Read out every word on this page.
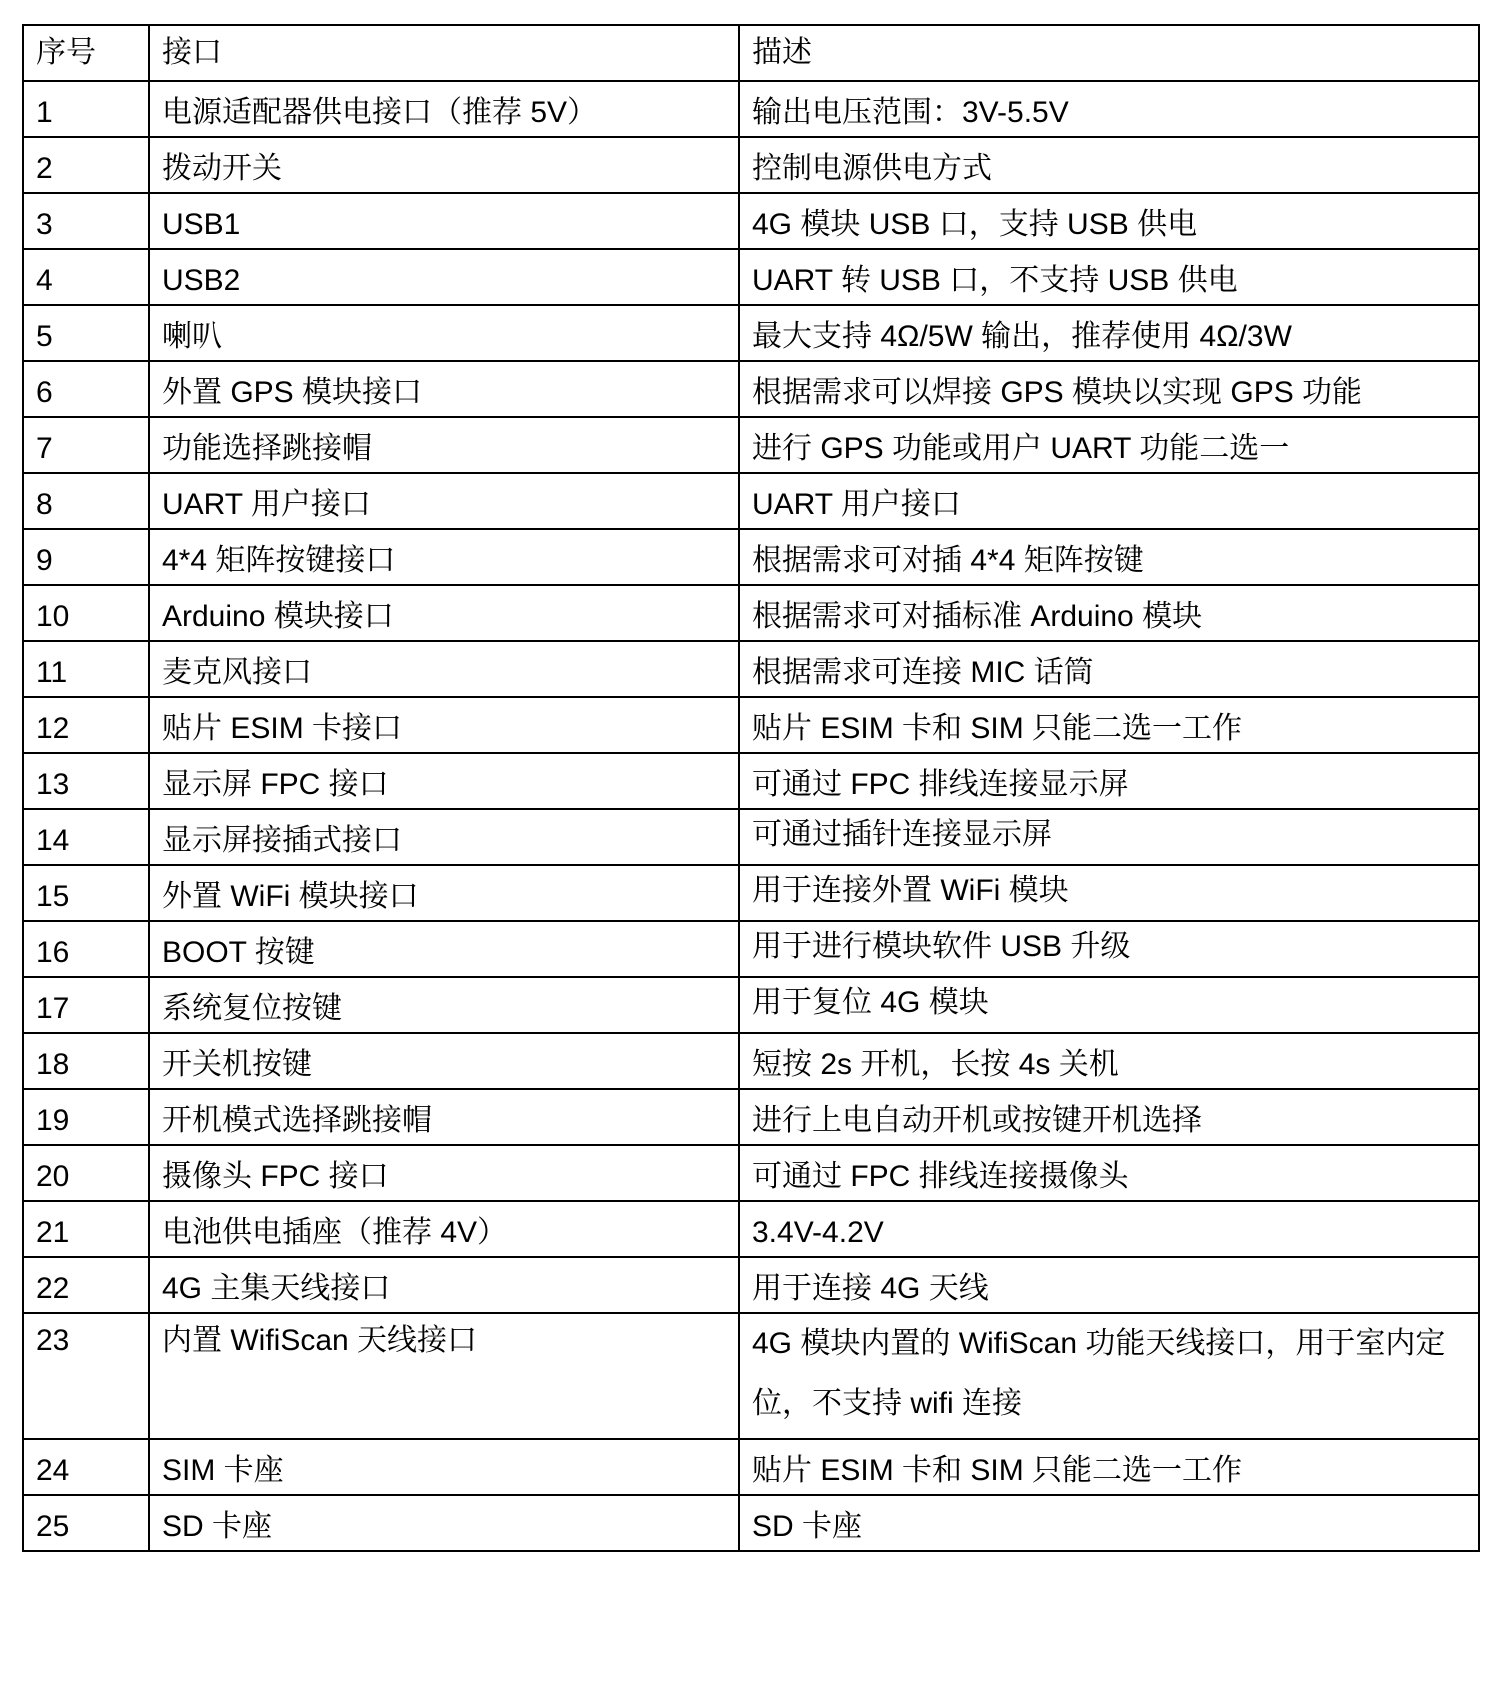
序号	接口	描述
1	电源适配器供电接口（推荐 5V）	输出电压范围：3V-5.5V
2	拨动开关	控制电源供电方式
3	USB1	4G 模块 USB 口，支持 USB 供电
4	USB2	UART 转 USB 口，不支持 USB 供电
5	喇叭	最大支持 4Ω/5W 输出，推荐使用 4Ω/3W
6	外置 GPS 模块接口	根据需求可以焊接 GPS 模块以实现 GPS 功能
7	功能选择跳接帽	进行 GPS 功能或用户 UART 功能二选一
8	UART 用户接口	UART 用户接口
9	4*4 矩阵按键接口	根据需求可对插 4*4 矩阵按键
10	Arduino 模块接口	根据需求可对插标准 Arduino 模块
11	麦克风接口	根据需求可连接 MIC 话筒
12	贴片 ESIM 卡接口	贴片 ESIM 卡和 SIM 只能二选一工作
13	显示屏 FPC 接口	可通过 FPC 排线连接显示屏
14	显示屏接插式接口	可通过插针连接显示屏
15	外置 WiFi 模块接口	用于连接外置 WiFi 模块
16	BOOT 按键	用于进行模块软件 USB 升级
17	系统复位按键	用于复位 4G 模块
18	开关机按键	短按 2s 开机，长按 4s 关机
19	开机模式选择跳接帽	进行上电自动开机或按键开机选择
20	摄像头 FPC 接口	可通过 FPC 排线连接摄像头
21	电池供电插座（推荐 4V）	3.4V-4.2V
22	4G 主集天线接口	用于连接 4G 天线
23	内置 WifiScan 天线接口	4G 模块内置的 WifiScan 功能天线接口，用于室内定位，不支持 wifi 连接
24	SIM 卡座	贴片 ESIM 卡和 SIM 只能二选一工作
25	SD 卡座	SD 卡座
